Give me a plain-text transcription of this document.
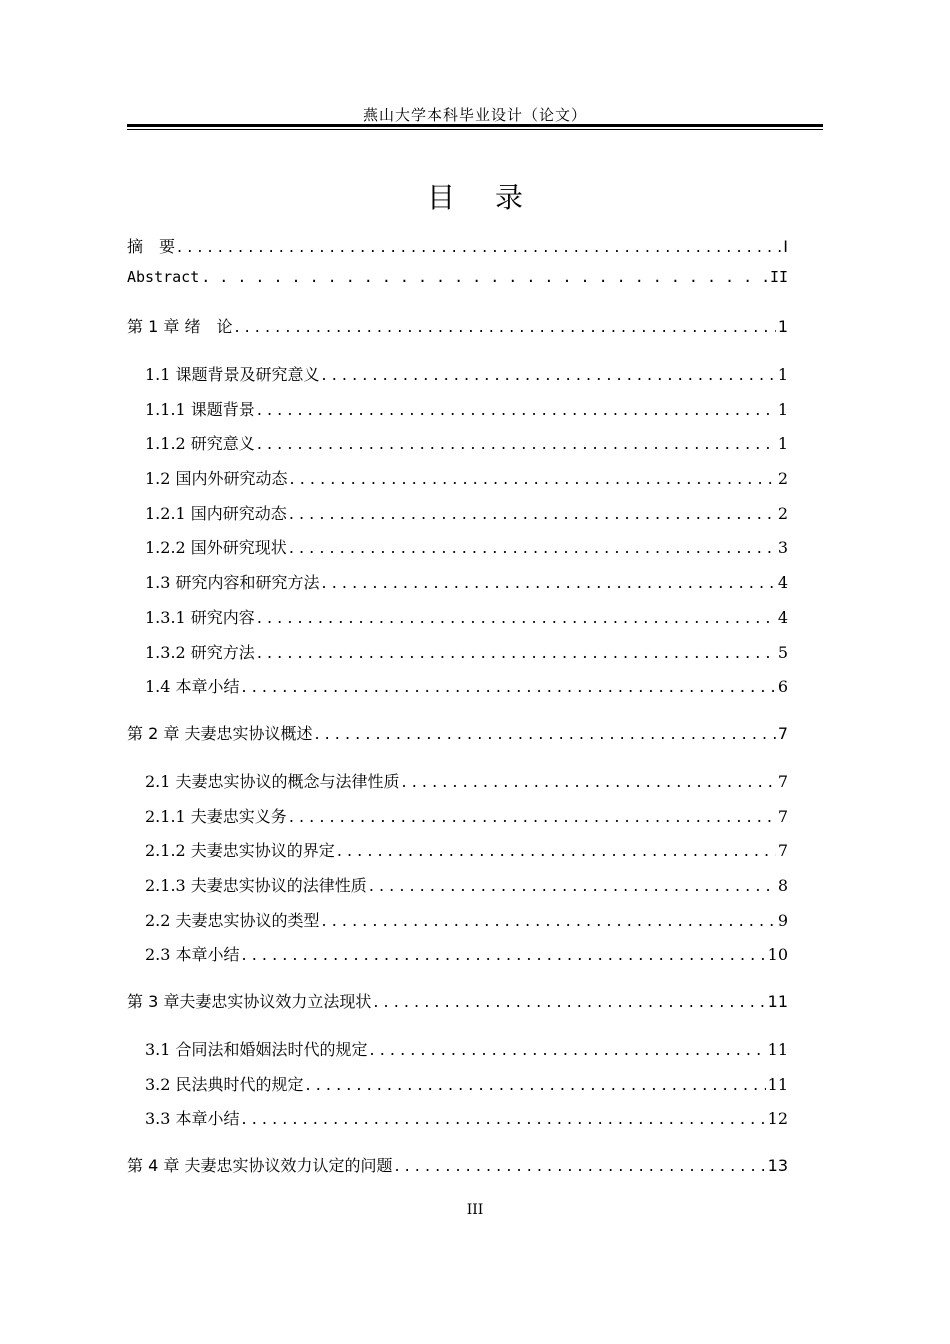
燕山大学本科毕业设计（论文）
目录
摘　要 . . .	I
Abstract . . .	II
第 1 章 绪　论 . . .	1
1.1 课题背景及研究意义 . . .	1
1.1.1 课题背景 . . .	1
1.1.2 研究意义 . . .	1
1.2 国内外研究动态 . . .	2
1.2.1 国内研究动态 . . .	2
1.2.2 国外研究现状 . . .	3
1.3 研究内容和研究方法 . . .	4
1.3.1 研究内容 . . .	4
1.3.2 研究方法 . . .	5
1.4 本章小结 . . .	6
第 2 章 夫妻忠实协议概述 . . .	7
2.1 夫妻忠实协议的概念与法律性质 . . .	7
2.1.1 夫妻忠实义务 . . .	7
2.1.2 夫妻忠实协议的界定 . . .	7
2.1.3 夫妻忠实协议的法律性质 . . .	8
2.2 夫妻忠实协议的类型 . . .	9
2.3 本章小结 . . .	10
第 3 章夫妻忠实协议效力立法现状 . . .	11
3.1 合同法和婚姻法时代的规定 . . .	11
3.2 民法典时代的规定 . . .	11
3.3 本章小结 . . .	12
第 4 章 夫妻忠实协议效力认定的问题 . . .	13
III
